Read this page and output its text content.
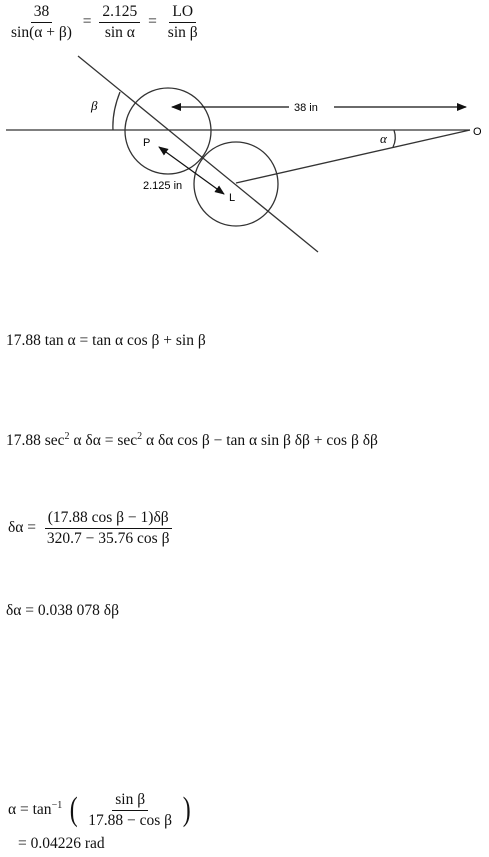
$\frac{38}{\sin(\alpha + \beta)} = \frac{2.125}{\text{sin α}} = \frac{LO}{\text{sin β}}$
β
α
P
L
O
38 in
2.125 in
17.88 tan α = tan α cos β + sin β
17.88 $\sec^2 \alpha$ $\delta\alpha = \sec^2 \alpha$ δα cos β − tan α sin β δβ + cos β δβ
$\delta\alpha = \frac{\text{(17.88 cos β − 1)δβ}}{\text{320.7 − 35.76 cos β}}$
δα = 0.038 078 δβ
$\alpha = \tan^{-1}$ ( $\frac{\text{sin β}}{\text{17.88 − cos β}}$ )
= 0.04226 rad
